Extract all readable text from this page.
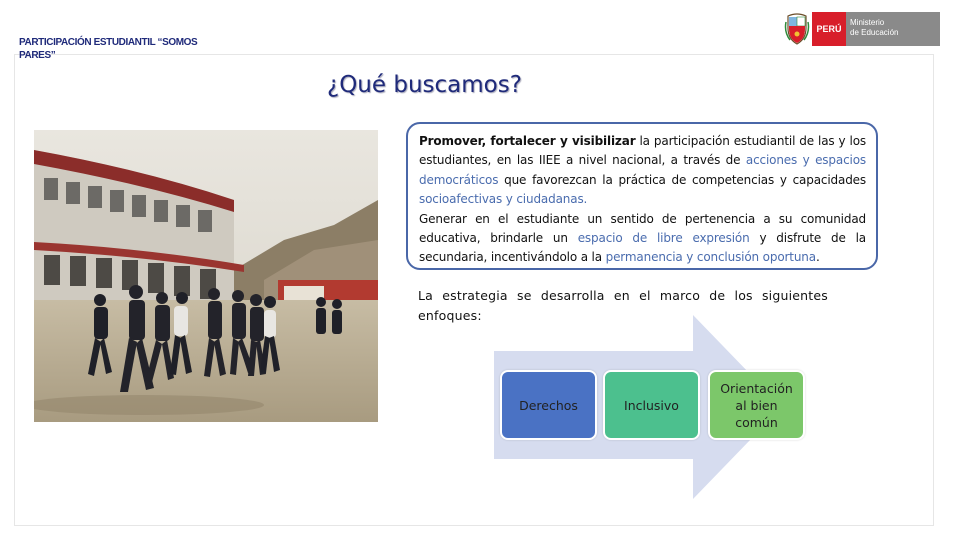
PARTICIPACIÓN ESTUDIANTIL “SOMOS PARES”
PERÚ
Ministerio
de Educación
¿Qué buscamos?
Promover, fortalecer y visibilizar la participación estudiantil de las y los estudiantes, en las IIEE a nivel nacional, a través de acciones y espacios democráticos que favorezcan la práctica de competencias y capacidades socioafectivas y ciudadanas.
Generar en el estudiante un sentido de pertenencia a su comunidad educativa, brindarle un espacio de libre expresión y disfrute de la secundaria, incentivándolo a la permanencia y conclusión oportuna.
La estrategia se desarrolla en el marco de los siguientes enfoques:
Derechos	Inclusivo
Orientación al bien común
